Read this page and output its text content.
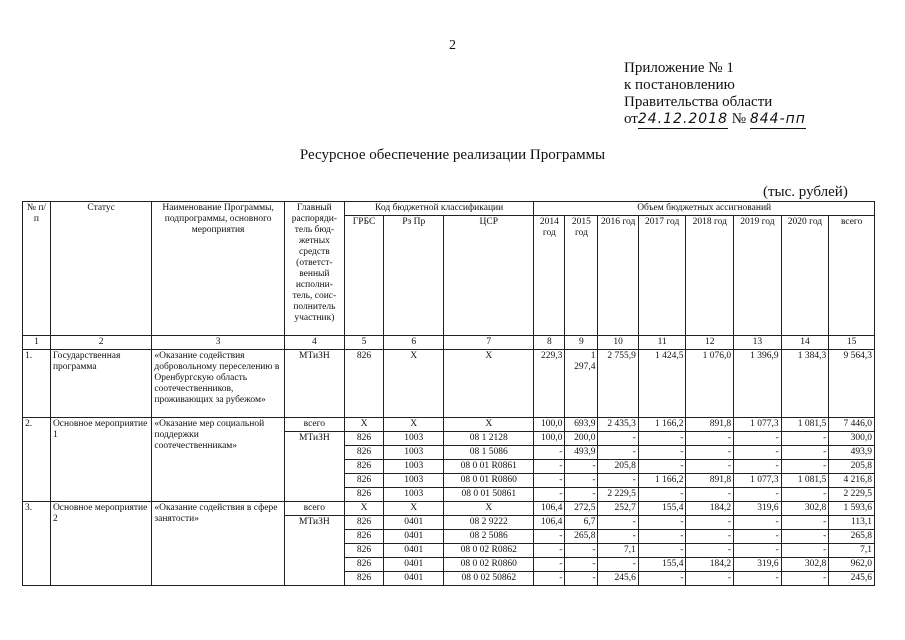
2
Приложение № 1
к постановлению
Правительства области
от24.12.2018 № 844-пп
Ресурсное обеспечение реализации Программы
(тыс. рублей)
№ п/п	Статус	Наименование Программы, подпрограммы, основного мероприятия	Главный распоряди-тель бюд-жетных средств (ответст-венный исполни-тель, соис-полнитель участник)	Код бюджетной классификации			Объем бюджетных ассигнований							
				ГРБС	Рз Пр	ЦСР	2014 год	2015 год	2016 год	2017 год	2018 год	2019 год	2020 год	всего

1	2	3	4	5	6	7	8	9	10	11	12	13	14	15
1.	Государственная программа	«Оказание содействия добровольному переселению в Оренбургскую область соотечественников, проживающих за рубежом»	МТиЗН	826	Х	Х	229,3	1 297,4	2 755,9	1 424,5	1 076,0	1 396,9	1 384,3	9 564,3
2.	Основное мероприятие 1	«Оказание мер социальной поддержки соотечественникам»	всего	Х	Х	Х	100,0	693,9	2 435,3	1 166,2	891,8	1 077,3	1 081,5	7 446,0
			МТиЗН	826	1003	08 1 2128	100,0	200,0	-	-	-	-	-	300,0
				826	1003	08 1 5086	-	493,9	-	-	-	-	-	493,9
				826	1003	08 0 01 R0861	-	-	205,8	-	-	-	-	205,8
				826	1003	08 0 01 R0860	-	-	-	1 166,2	891,8	1 077,3	1 081,5	4 216,8
				826	1003	08 0 01 50861	-	-	2 229,5	-	-	-	-	2 229,5
3.	Основное мероприятие 2	«Оказание содействия в сфере занятости»	всего	Х	Х	Х	106,4	272,5	252,7	155,4	184,2	319,6	302,8	1 593,6
			МТиЗН	826	0401	08 2 9222	106,4	6,7	-	-	-	-	-	113,1
				826	0401	08 2 5086	-	265,8	-	-	-	-	-	265,8
				826	0401	08 0 02 R0862	-	-	7,1	-	-	-	-	7,1
				826	0401	08 0 02 R0860	-	-	-	155,4	184,2	319,6	302,8	962,0
				826	0401	08 0 02 50862	-	-	245,6	-	-	-	-	245,6
